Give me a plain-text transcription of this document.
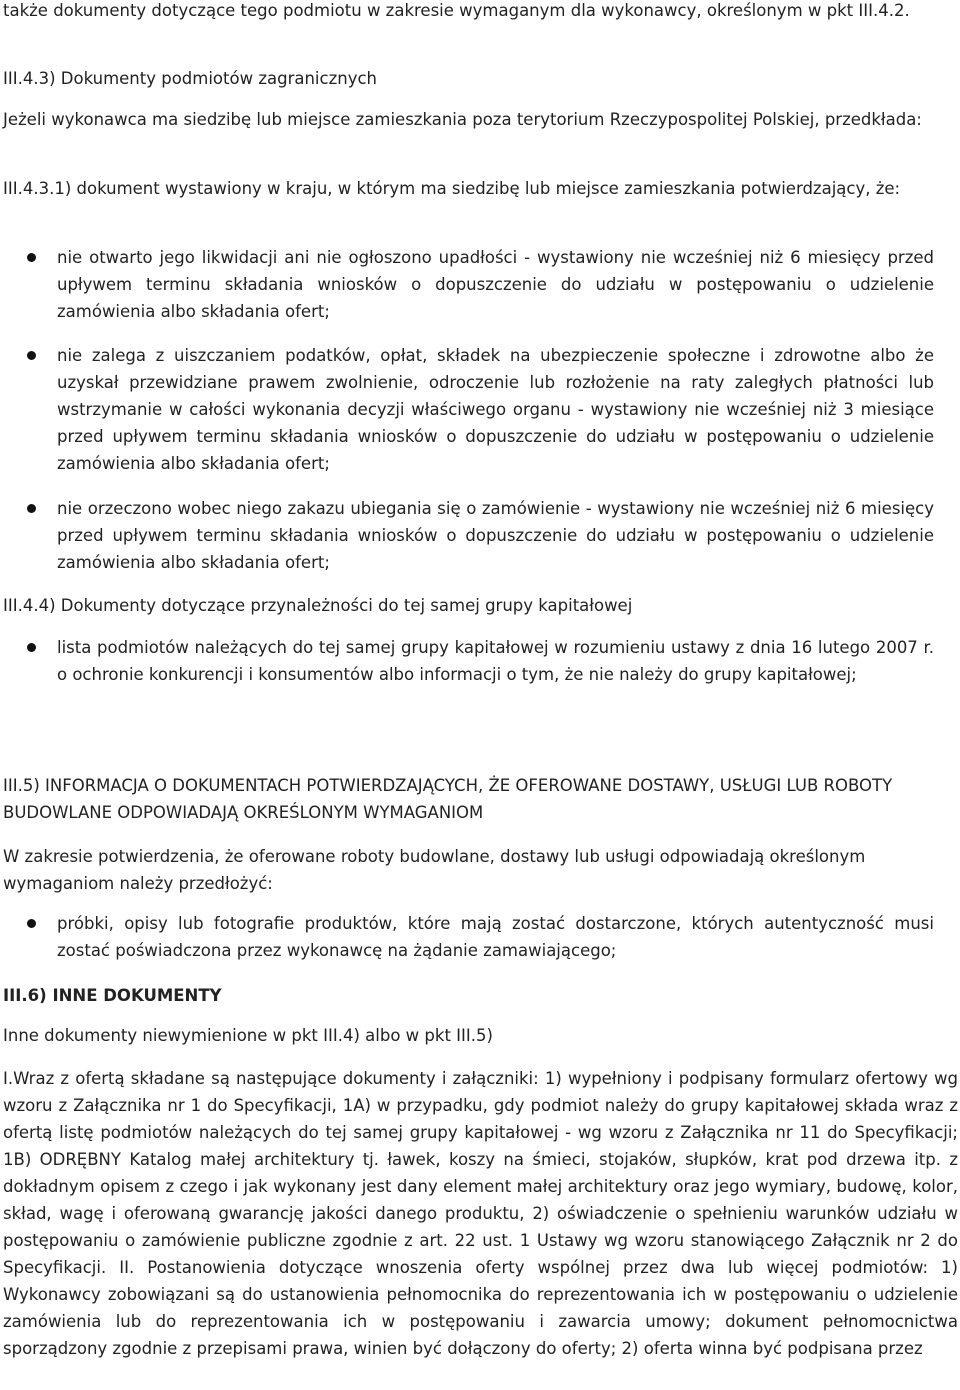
także dokumenty dotyczące tego podmiotu w zakresie wymaganym dla wykonawcy, określonym w pkt III.4.2.

III.4.3) Dokumenty podmiotów zagranicznych

Jeżeli wykonawca ma siedzibę lub miejsce zamieszkania poza terytorium Rzeczypospolitej Polskiej, przedkłada:

III.4.3.1) dokument wystawiony w kraju, w którym ma siedzibę lub miejsce zamieszkania potwierdzający, że:

nie otwarto jego likwidacji ani nie ogłoszono upadłości - wystawiony nie wcześniej niż 6 miesięcy przed upływem terminu składania wniosków o dopuszczenie do udziału w postępowaniu o udzielenie zamówienia albo składania ofert;
nie zalega z uiszczaniem podatków, opłat, składek na ubezpieczenie społeczne i zdrowotne albo że uzyskał przewidziane prawem zwolnienie, odroczenie lub rozłożenie na raty zaległych płatności lub wstrzymanie w całości wykonania decyzji właściwego organu - wystawiony nie wcześniej niż 3 miesiące przed upływem terminu składania wniosków o dopuszczenie do udziału w postępowaniu o udzielenie zamówienia albo składania ofert;
nie orzeczono wobec niego zakazu ubiegania się o zamówienie - wystawiony nie wcześniej niż 6 miesięcy przed upływem terminu składania wniosków o dopuszczenie do udziału w postępowaniu o udzielenie zamówienia albo składania ofert;

III.4.4) Dokumenty dotyczące przynależności do tej samej grupy kapitałowej

lista podmiotów należących do tej samej grupy kapitałowej w rozumieniu ustawy z dnia 16 lutego 2007 r. o ochronie konkurencji i konsumentów albo informacji o tym, że nie należy do grupy kapitałowej;

III.5) INFORMACJA O DOKUMENTACH POTWIERDZAJĄCYCH, ŻE OFEROWANE DOSTAWY, USŁUGI LUB ROBOTY BUDOWLANE ODPOWIADAJĄ OKREŚLONYM WYMAGANIOM

W zakresie potwierdzenia, że oferowane roboty budowlane, dostawy lub usługi odpowiadają określonym wymaganiom należy przedłożyć:

próbki, opisy lub fotografie produktów, które mają zostać dostarczone, których autentyczność musi zostać poświadczona przez wykonawcę na żądanie zamawiającego;

III.6) INNE DOKUMENTY

Inne dokumenty niewymienione w pkt III.4) albo w pkt III.5)

I.Wraz z ofertą składane są następujące dokumenty i załączniki: 1) wypełniony i podpisany formularz ofertowy wg wzoru z Załącznika nr 1 do Specyfikacji, 1A) w przypadku, gdy podmiot należy do grupy kapitałowej składa wraz z ofertą listę podmiotów należących do tej samej grupy kapitałowej - wg wzoru z Załącznika nr 11 do Specyfikacji; 1B) ODRĘBNY Katalog małej architektury tj. ławek, koszy na śmieci, stojaków, słupków, krat pod drzewa itp. z dokładnym opisem z czego i jak wykonany jest dany element małej architektury oraz jego wymiary, budowę, kolor, skład, wagę i oferowaną gwarancję jakości danego produktu, 2) oświadczenie o spełnieniu warunków udziału w postępowaniu o zamówienie publiczne zgodnie z art. 22 ust. 1 Ustawy wg wzoru stanowiącego Załącznik nr 2 do Specyfikacji. II. Postanowienia dotyczące wnoszenia oferty wspólnej przez dwa lub więcej podmiotów: 1) Wykonawcy zobowiązani są do ustanowienia pełnomocnika do reprezentowania ich w postępowaniu o udzielenie zamówienia lub do reprezentowania ich w postępowaniu i zawarcia umowy; dokument pełnomocnictwa sporządzony zgodnie z przepisami prawa, winien być dołączony do oferty; 2) oferta winna być podpisana przez
